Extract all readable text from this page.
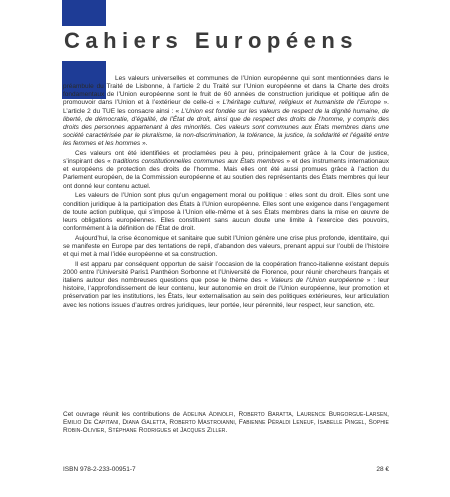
Cahiers Européens

Les valeurs universelles et communes de l’Union européenne qui sont mentionnées dans le préambule du Traité de Lisbonne, à l’article 2 du Traité sur l’Union européenne et dans la Charte des droits fondamentaux de l’Union européenne sont le fruit de 60 années de construction juridique et politique afin de promouvoir dans l’Union et à l’extérieur de celle-ci « L’héritage culturel, religieux et humaniste de l’Europe ». L’article 2 du TUE les consacre ainsi : « L’Union est fondée sur les valeurs de respect de la dignité humaine, de liberté, de démocratie, d’égalité, de l’État de droit, ainsi que de respect des droits de l’homme, y compris des droits des personnes appartenant à des minorités. Ces valeurs sont communes aux États membres dans une société caractérisée par le pluralisme, la non-discrimination, la tolérance, la justice, la solidarité et l’égalité entre les femmes et les hommes ».

Ces valeurs ont été identifiées et proclamées peu à peu, principalement grâce à la Cour de justice, s’inspirant des « traditions constitutionnelles communes aux États membres » et des instruments internationaux et européens de protection des droits de l’homme. Mais elles ont été aussi promues grâce à l’action du Parlement européen, de la Commission européenne et au soutien des représentants des États membres qui leur ont donné leur contenu actuel.

Les valeurs de l’Union sont plus qu’un engagement moral ou politique : elles sont du droit. Elles sont une condition juridique à la participation des États à l’Union européenne. Elles sont une exigence dans l’engagement de toute action publique, qui s’impose à l’Union elle-même et à ses États membres dans la mise en œuvre de leurs obligations européennes. Elles constituent sans aucun doute une limite à l’exercice des pouvoirs, conformément à la définition de l’État de droit.

Aujourd’hui, la crise économique et sanitaire que subit l’Union génère une crise plus profonde, identitaire, qui se manifeste en Europe par des tentations de repli, d’abandon des valeurs, prenant appui sur l’oubli de l’histoire et qui met à mal l’idée européenne et sa construction.

Il est apparu par conséquent opportun de saisir l’occasion de la coopération franco-italienne existant depuis 2000 entre l’Université Paris1 Panthéon Sorbonne et l’Université de Florence, pour réunir chercheurs français et italiens autour des nombreuses questions que pose le thème des « Valeurs de l’Union européenne » : leur histoire, l’approfondissement de leur contenu, leur autonomie en droit de l’Union européenne, leur promotion et préservation par les institutions, les États, leur externalisation au sein des politiques extérieures, leur articulation avec les notions issues d’autres ordres juridiques, leur portée, leur pérennité, leur respect, leur sanction, etc.

Cet ouvrage réunit les contributions de Adelina Adinolfi, Roberto Baratta, Laurence Burgorgue-Larsen, Emilio De Capitani, Diana Galetta, Roberto Mastroianni, Fabienne Péraldi Leneuf, Isabelle Pingel, Sophie Robin-Olivier, Stéphane Rodrigues et Jacques Ziller.
ISBN 978-2-233-00951-7	28 €
